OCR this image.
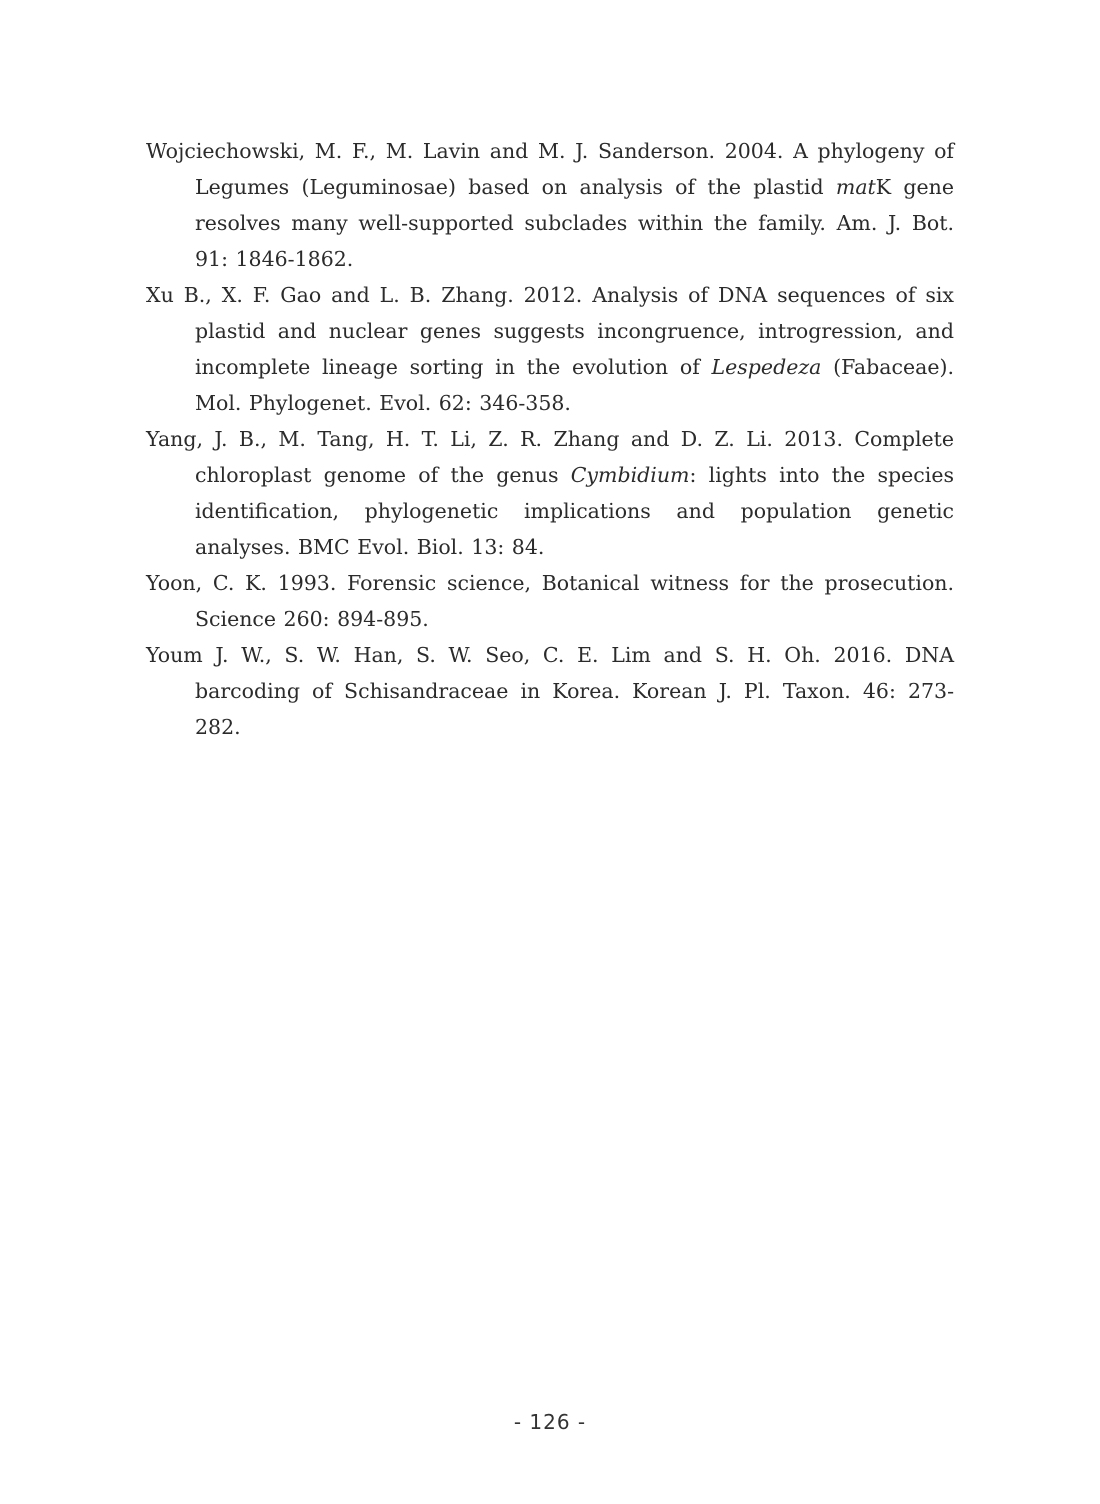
Wojciechowski, M. F., M. Lavin and M. J. Sanderson. 2004. A phylogeny of Legumes (Leguminosae) based on analysis of the plastid matK gene resolves many well-supported subclades within the family. Am. J. Bot. 91: 1846-1862.
Xu B., X. F. Gao and L. B. Zhang. 2012. Analysis of DNA sequences of six plastid and nuclear genes suggests incongruence, introgression, and incomplete lineage sorting in the evolution of Lespedeza (Fabaceae). Mol. Phylogenet. Evol. 62: 346-358.
Yang, J. B., M. Tang, H. T. Li, Z. R. Zhang and D. Z. Li. 2013. Complete chloroplast genome of the genus Cymbidium: lights into the species identification, phylogenetic implications and population genetic analyses. BMC Evol. Biol. 13: 84.
Yoon, C. K. 1993. Forensic science, Botanical witness for the prosecution. Science 260: 894-895.
Youm J. W., S. W. Han, S. W. Seo, C. E. Lim and S. H. Oh. 2016. DNA barcoding of Schisandraceae in Korea. Korean J. Pl. Taxon. 46: 273-282.
- 126 -
